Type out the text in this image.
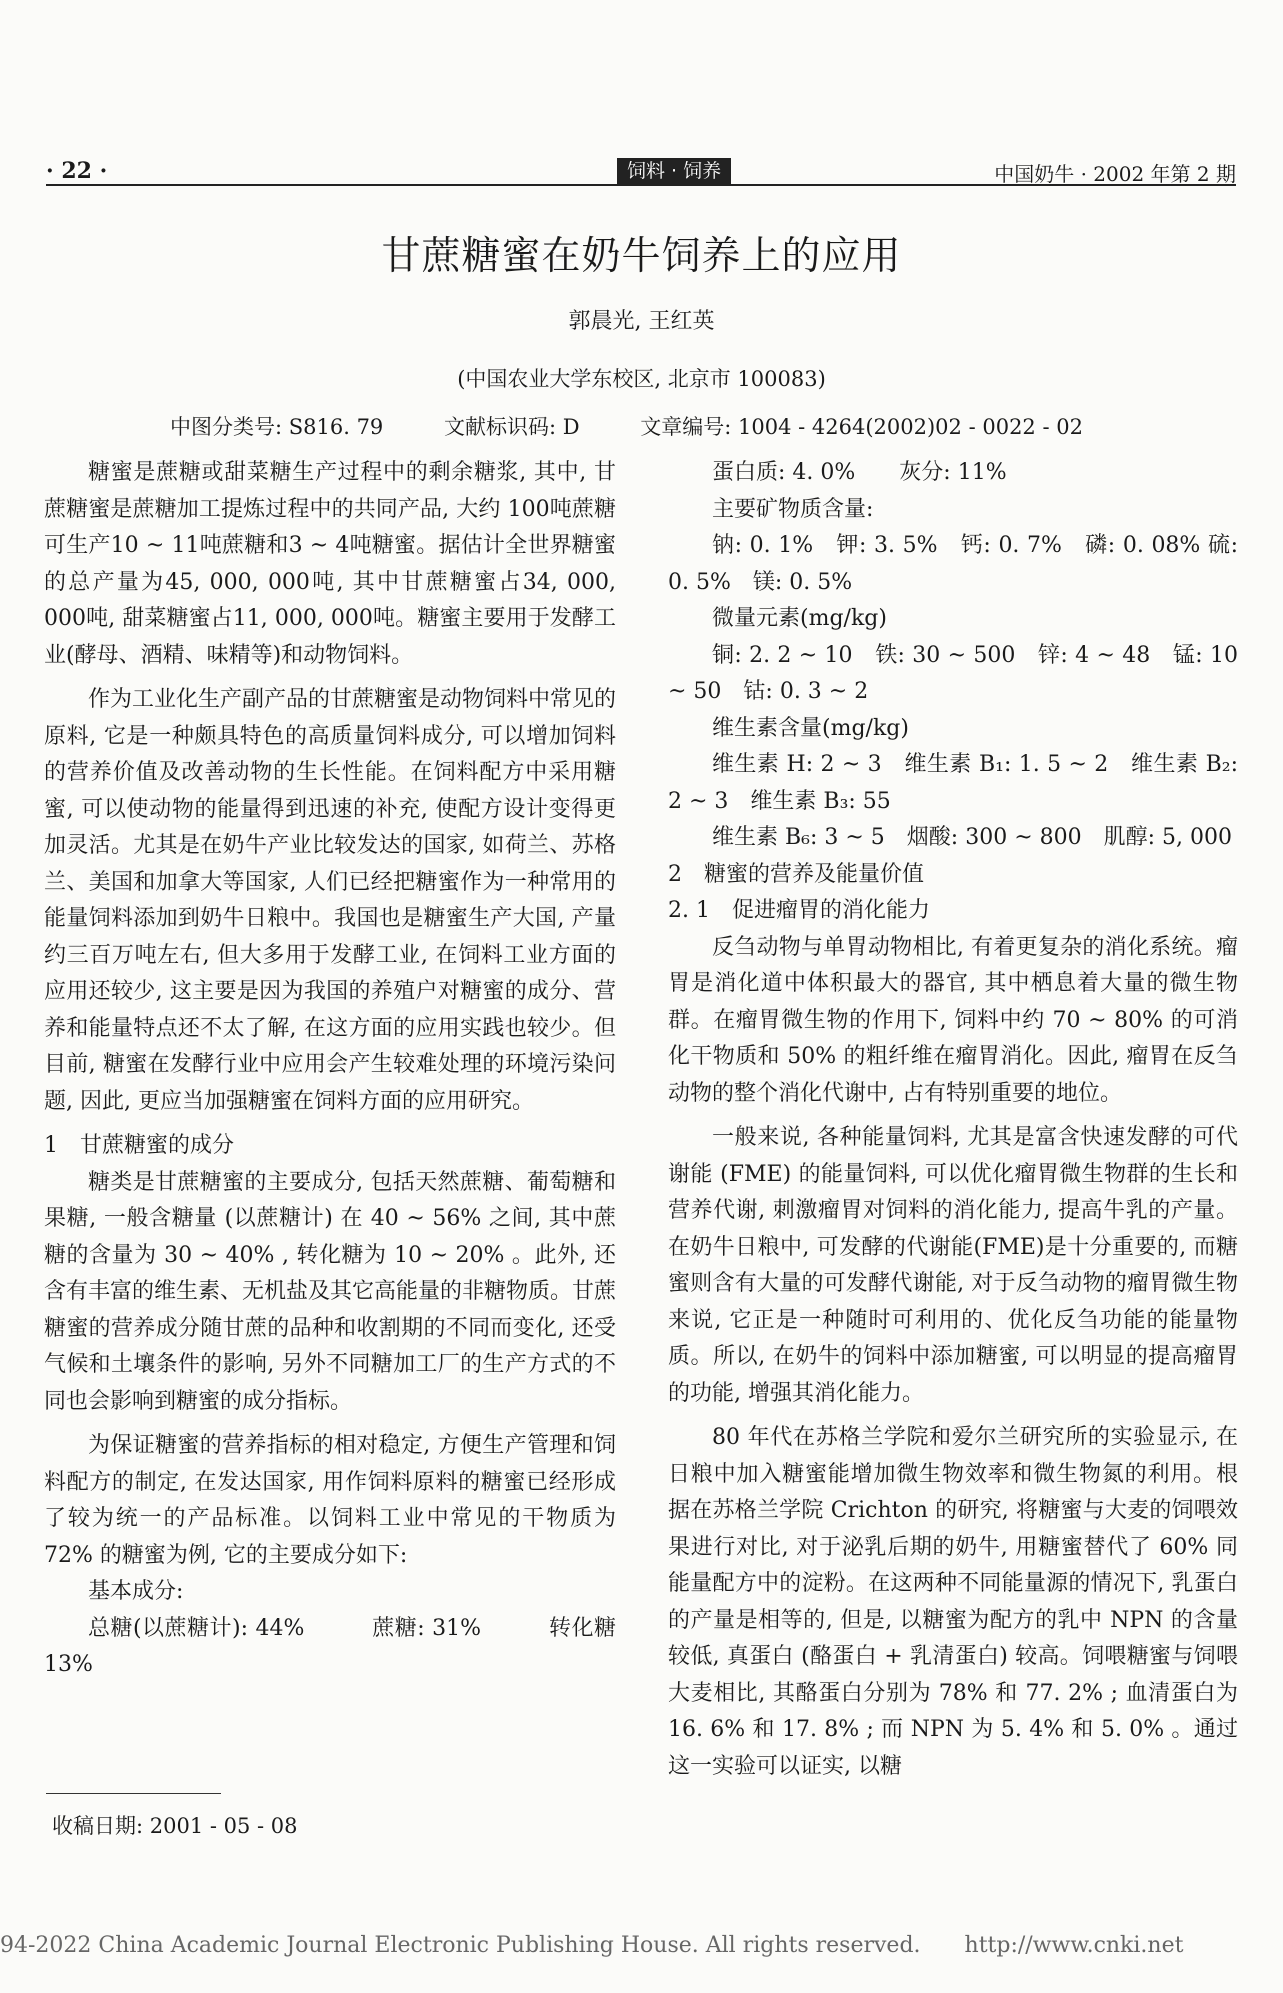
· 22 ·	饲料 · 饲养	中国奶牛 · 2002 年第 2 期
甘蔗糖蜜在奶牛饲养上的应用
郭晨光, 王红英
(中国农业大学东校区, 北京市 100083)
中图分类号: S816. 79	文献标识码: D	文章编号: 1004 - 4264(2002)02 - 0022 - 02

糖蜜是蔗糖或甜菜糖生产过程中的剩余糖浆, 其中, 甘蔗糖蜜是蔗糖加工提炼过程中的共同产品, 大约 100吨蔗糖可生产10 ~ 11吨蔗糖和3 ~ 4吨糖蜜。据估计全世界糖蜜的总产量为45, 000, 000吨, 其中甘蔗糖蜜占34, 000, 000吨, 甜菜糖蜜占11, 000, 000吨。糖蜜主要用于发酵工业(酵母、酒精、味精等)和动物饲料。

作为工业化生产副产品的甘蔗糖蜜是动物饲料中常见的原料, 它是一种颇具特色的高质量饲料成分, 可以增加饲料的营养价值及改善动物的生长性能。在饲料配方中采用糖蜜, 可以使动物的能量得到迅速的补充, 使配方设计变得更加灵活。尤其是在奶牛产业比较发达的国家, 如荷兰、苏格兰、美国和加拿大等国家, 人们已经把糖蜜作为一种常用的能量饲料添加到奶牛日粮中。我国也是糖蜜生产大国, 产量约三百万吨左右, 但大多用于发酵工业, 在饲料工业方面的应用还较少, 这主要是因为我国的养殖户对糖蜜的成分、营养和能量特点还不太了解, 在这方面的应用实践也较少。但目前, 糖蜜在发酵行业中应用会产生较难处理的环境污染问题, 因此, 更应当加强糖蜜在饲料方面的应用研究。

1　甘蔗糖蜜的成分

糖类是甘蔗糖蜜的主要成分, 包括天然蔗糖、葡萄糖和果糖, 一般含糖量 (以蔗糖计) 在 40 ~ 56% 之间, 其中蔗糖的含量为 30 ~ 40% , 转化糖为 10 ~ 20% 。此外, 还含有丰富的维生素、无机盐及其它高能量的非糖物质。甘蔗糖蜜的营养成分随甘蔗的品种和收割期的不同而变化, 还受气候和土壤条件的影响, 另外不同糖加工厂的生产方式的不同也会影响到糖蜜的成分指标。

为保证糖蜜的营养指标的相对稳定, 方便生产管理和饲料配方的制定, 在发达国家, 用作饲料原料的糖蜜已经形成了较为统一的产品标准。以饲料工业中常见的干物质为 72% 的糖蜜为例, 它的主要成分如下:

基本成分:

总糖(以蔗糖计): 44%　　　蔗糖: 31%　　　转化糖 13%

蛋白质: 4. 0%　　灰分: 11%

主要矿物质含量:

钠: 0. 1%　钾: 3. 5%　钙: 0. 7%　磷: 0. 08% 硫: 0. 5%　镁: 0. 5%

微量元素(mg/kg)

铜: 2. 2 ~ 10　铁: 30 ~ 500　锌: 4 ~ 48　锰: 10 ~ 50　钴: 0. 3 ~ 2

维生素含量(mg/kg)

维生素 H: 2 ~ 3　维生素 B₁: 1. 5 ~ 2　维生素 B₂: 2 ~ 3　维生素 B₃: 55

维生素 B₆: 3 ~ 5　烟酸: 300 ~ 800　肌醇: 5, 000

2　糖蜜的营养及能量价值

2. 1　促进瘤胃的消化能力

反刍动物与单胃动物相比, 有着更复杂的消化系统。瘤胃是消化道中体积最大的器官, 其中栖息着大量的微生物群。在瘤胃微生物的作用下, 饲料中约 70 ~ 80% 的可消化干物质和 50% 的粗纤维在瘤胃消化。因此, 瘤胃在反刍动物的整个消化代谢中, 占有特别重要的地位。

一般来说, 各种能量饲料, 尤其是富含快速发酵的可代谢能 (FME) 的能量饲料, 可以优化瘤胃微生物群的生长和营养代谢, 刺激瘤胃对饲料的消化能力, 提高牛乳的产量。在奶牛日粮中, 可发酵的代谢能(FME)是十分重要的, 而糖蜜则含有大量的可发酵代谢能, 对于反刍动物的瘤胃微生物来说, 它正是一种随时可利用的、优化反刍功能的能量物质。所以, 在奶牛的饲料中添加糖蜜, 可以明显的提高瘤胃的功能, 增强其消化能力。

80 年代在苏格兰学院和爱尔兰研究所的实验显示, 在日粮中加入糖蜜能增加微生物效率和微生物氮的利用。根据在苏格兰学院 Crichton 的研究, 将糖蜜与大麦的饲喂效果进行对比, 对于泌乳后期的奶牛, 用糖蜜替代了 60% 同能量配方中的淀粉。在这两种不同能量源的情况下, 乳蛋白的产量是相等的, 但是, 以糖蜜为配方的乳中 NPN 的含量较低, 真蛋白 (酪蛋白 + 乳清蛋白) 较高。饲喂糖蜜与饲喂大麦相比, 其酪蛋白分别为 78% 和 77. 2% ; 血清蛋白为 16. 6% 和 17. 8% ; 而 NPN 为 5. 4% 和 5. 0% 。通过这一实验可以证实, 以糖

收稿日期: 2001 - 05 - 08
94-2022 China Academic Journal Electronic Publishing House. All rights reserved.　　http://www.cnki.net
